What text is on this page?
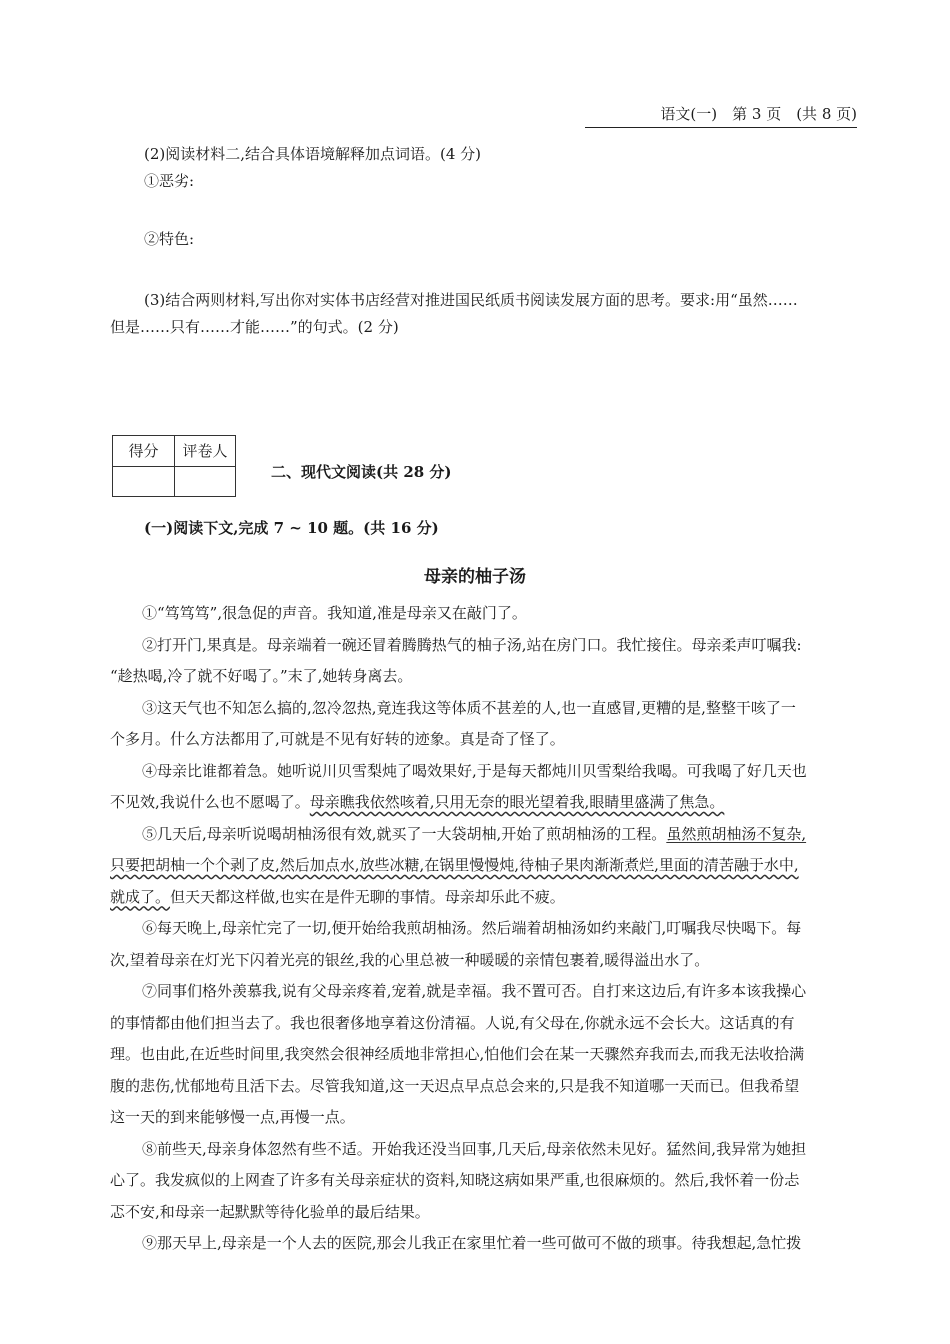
语文(一)　第 3 页　(共 8 页)
(2)阅读材料二,结合具体语境解释加点词语。(4 分)
①恶劣:
②特色:
(3)结合两则材料,写出你对实体书店经营对推进国民纸质书阅读发展方面的思考。要求:用“虽然……
但是……只有……才能……”的句式。(2 分)
得分	评卷人
二、现代文阅读(共 28 分)
(一)阅读下文,完成 7 ~ 10 题。(共 16 分)
母亲的柚子汤
①“笃笃笃”,很急促的声音。我知道,准是母亲又在敲门了。
②打开门,果真是。母亲端着一碗还冒着腾腾热气的柚子汤,站在房门口。我忙接住。母亲柔声叮嘱我:
“趁热喝,冷了就不好喝了。”末了,她转身离去。
③这天气也不知怎么搞的,忽冷忽热,竟连我这等体质不甚差的人,也一直感冒,更糟的是,整整干咳了一
个多月。什么方法都用了,可就是不见有好转的迹象。真是奇了怪了。
④母亲比谁都着急。她听说川贝雪梨炖了喝效果好,于是每天都炖川贝雪梨给我喝。可我喝了好几天也
不见效,我说什么也不愿喝了。母亲瞧我依然咳着,只用无奈的眼光望着我,眼睛里盛满了焦急。
⑤几天后,母亲听说喝胡柚汤很有效,就买了一大袋胡柚,开始了煎胡柚汤的工程。虽然煎胡柚汤不复杂,
只要把胡柚一个个剥了皮,然后加点水,放些冰糖,在锅里慢慢炖,待柚子果肉渐渐煮烂,里面的清苦融于水中,
就成了。但天天都这样做,也实在是件无聊的事情。母亲却乐此不疲。
⑥每天晚上,母亲忙完了一切,便开始给我煎胡柚汤。然后端着胡柚汤如约来敲门,叮嘱我尽快喝下。每
次,望着母亲在灯光下闪着光亮的银丝,我的心里总被一种暖暖的亲情包裹着,暖得溢出水了。
⑦同事们格外羡慕我,说有父母亲疼着,宠着,就是幸福。我不置可否。自打来这边后,有许多本该我操心
的事情都由他们担当去了。我也很奢侈地享着这份清福。人说,有父母在,你就永远不会长大。这话真的有
理。也由此,在近些时间里,我突然会很神经质地非常担心,怕他们会在某一天骤然弃我而去,而我无法收拾满
腹的悲伤,忧郁地苟且活下去。尽管我知道,这一天迟点早点总会来的,只是我不知道哪一天而已。但我希望
这一天的到来能够慢一点,再慢一点。
⑧前些天,母亲身体忽然有些不适。开始我还没当回事,几天后,母亲依然未见好。猛然间,我异常为她担
心了。我发疯似的上网查了许多有关母亲症状的资料,知晓这病如果严重,也很麻烦的。然后,我怀着一份忐
忑不安,和母亲一起默默等待化验单的最后结果。
⑨那天早上,母亲是一个人去的医院,那会儿我正在家里忙着一些可做可不做的琐事。待我想起,急忙拨
